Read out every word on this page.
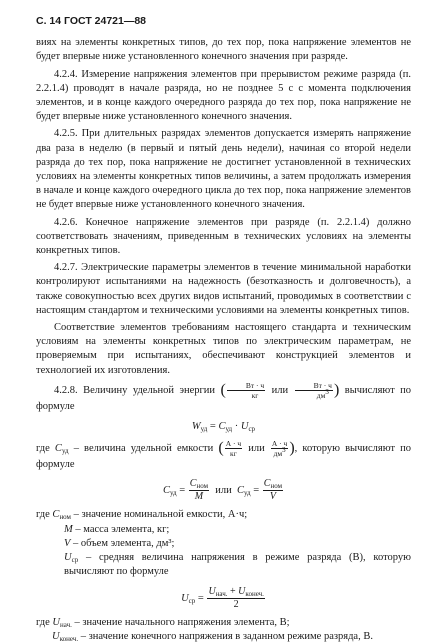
С. 14 ГОСТ 24721—88

виях на элементы конкретных типов, до тех пор, пока напряжение элементов не будет впервые ниже установленного конечного значения при разряде.

4.2.4. Измерение напряжения элементов при прерывистом режиме разряда (п. 2.2.1.4) проводят в начале разряда, но не позднее 5 с с момента подключения элементов, и в конце каждого очередного разряда до тех пор, пока напряжение не будет впервые ниже установленного конечного значения.

4.2.5. При длительных разрядах элементов допускается измерять напряжение два раза в неделю (в первый и пятый день недели), начиная со второй недели разряда до тех пор, пока напряжение не достигнет установленной в технических условиях на элементы конкретных типов величины, а затем продолжать измерения в начале и конце каждого очередного цикла до тех пор, пока напряжение элементов не будет впервые ниже установленного конечного значения.

4.2.6. Конечное напряжение элементов при разряде (п. 2.2.1.4) должно соответствовать значениям, приведенным в технических условиях на элементы конкретных типов.

4.2.7. Электрические параметры элементов в течение минимальной наработки контролируют испытаниями на надежность (безотказность и долговечность), а также совокупностью всех других видов испытаний, проводимых в соответствии с настоящим стандартом и техническими условиями на элементы конкретных типов.

Соответствие элементов требованиям настоящего стандарта и техническим условиям на элементы конкретных типов по электрическим параметрам, не проверяемым при испытаниях, обеспечивают конструкцией элементов и технологией их изготовления.

4.2.8. Величину удельной энергии ( $\frac{Вт \cdot ч}{кг}$ или $\frac{Вт \cdot ч}{дм^3}$ ) вычисляют по формуле

$W_{уд} = C_{уд} \cdot U_{ср}$

где $C_{уд}$ – величина удельной емкости ( $\frac{А \cdot ч}{кг}$ или $\frac{А \cdot ч}{дм^3}$ ), которую вычисляют по формуле

$C_{уд} = \frac{C_{ном}}{M}$ или $C_{уд} = \frac{C_{ном}}{V}$

где $C_{ном}$ – значение номинальной емкости, А·ч;

M – масса элемента, кг;

V – объем элемента, дм³;

$U_{ср}$ – средняя величина напряжения в режиме разряда (В), которую вычисляют по формуле

$U_{ср} = \frac{U_{нач.} + U_{конеч.}}{2}$

где $U_{нач.}$ – значение начального напряжения элемента, В;

$U_{конеч.}$ – значение конечного напряжения в заданном режиме разряда, В.
